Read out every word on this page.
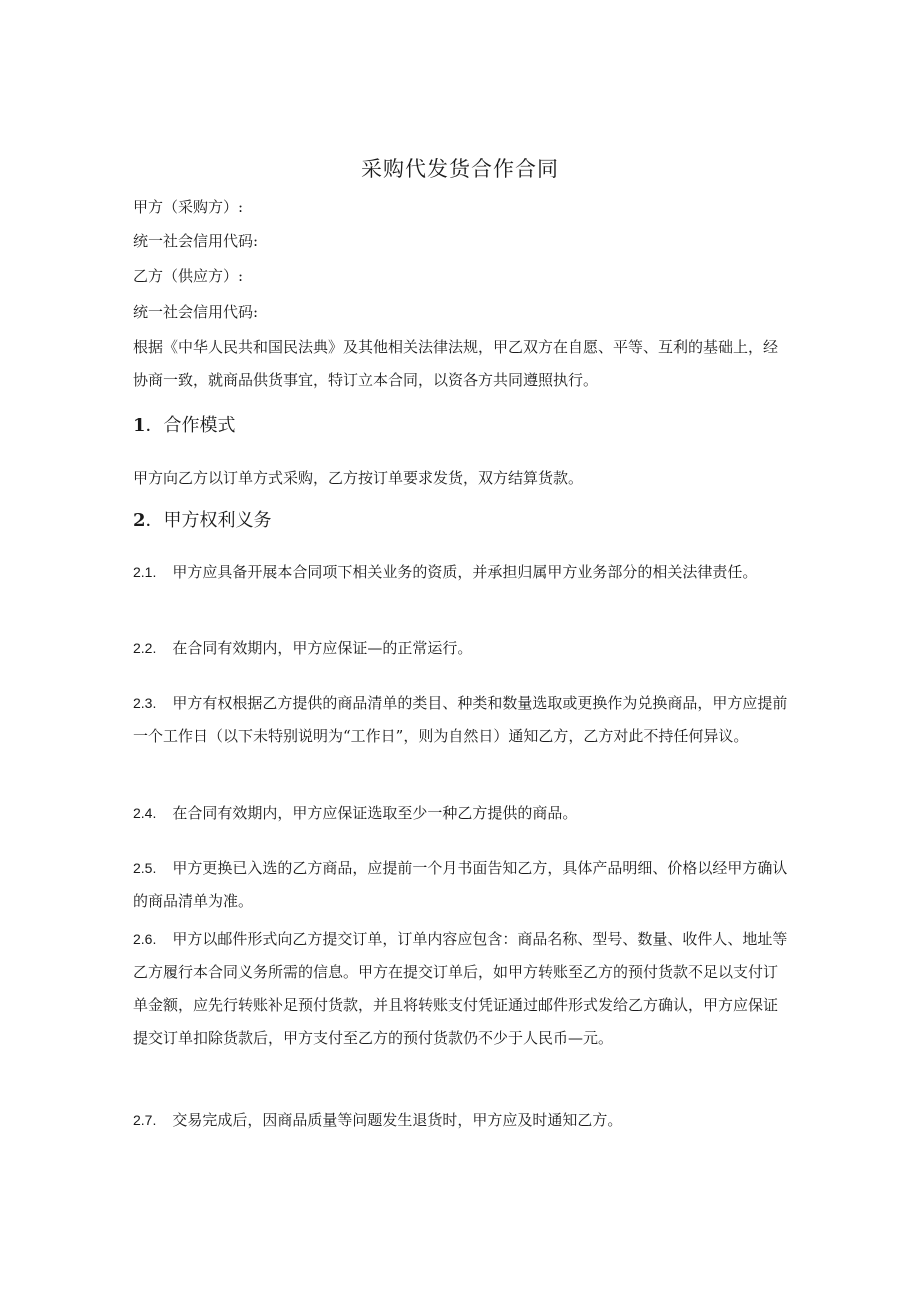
采购代发货合作合同
甲方（采购方）:
统一社会信用代码:
乙方（供应方）:
统一社会信用代码:
根据《中华人民共和国民法典》及其他相关法律法规，甲乙双方在自愿、平等、互利的基础上，经协商一致，就商品供货事宜，特订立本合同，以资各方共同遵照执行。
1．合作模式
甲方向乙方以订单方式采购，乙方按订单要求发货，双方结算货款。
2．甲方权利义务
2.1. 甲方应具备开展本合同项下相关业务的资质，并承担归属甲方业务部分的相关法律责任。
2.2. 在合同有效期内，甲方应保证—的正常运行。
2.3. 甲方有权根据乙方提供的商品清单的类目、种类和数量选取或更换作为兑换商品，甲方应提前一个工作日（以下未特别说明为“工作日”，则为自然日）通知乙方，乙方对此不持任何异议。
2.4. 在合同有效期内，甲方应保证选取至少一种乙方提供的商品。
2.5. 甲方更换已入选的乙方商品，应提前一个月书面告知乙方，具体产品明细、价格以经甲方确认的商品清单为准。
2.6. 甲方以邮件形式向乙方提交订单，订单内容应包含：商品名称、型号、数量、收件人、地址等乙方履行本合同义务所需的信息。甲方在提交订单后，如甲方转账至乙方的预付货款不足以支付订单金额，应先行转账补足预付货款，并且将转账支付凭证通过邮件形式发给乙方确认，甲方应保证提交订单扣除货款后，甲方支付至乙方的预付货款仍不少于人民币—元。
2.7. 交易完成后，因商品质量等问题发生退货时，甲方应及时通知乙方。
